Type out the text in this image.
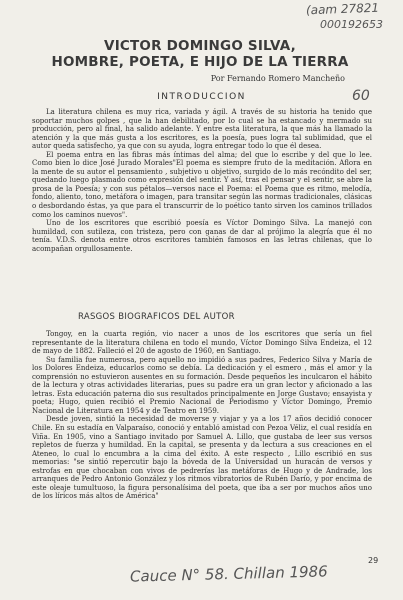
(aam 27821
000192653
60
VICTOR DOMINGO SILVA,
HOMBRE, POETA, E HIJO DE LA TIERRA
Por Fernando Romero Mancheño
INTRODUCCION

La literatura chilena es muy rica, variada y ágil. A través de su historia ha tenido que soportar muchos golpes , que la han debilitado, por lo cual se ha estancado y mermado su producción, pero al final, ha salido adelante. Y entre esta literatura, la que más ha llamado la atención y la que más gusta a los escritores, es la poesía, pues logra tal sublimidad, que el autor queda satisfecho, ya que con su ayuda, logra entregar todo lo que él desea.

El poema entra en las fibras más íntimas del alma; del que lo escribe y del que lo lee. Como bien lo dice José Jurado Morales"El poema es siempre fruto de la meditación. Aflora en la mente de su autor el pensamiento , subjetivo u objetivo, surgido de lo más recóndito del ser, quedando luego plasmado como expresión del sentir. Y así, tras el pensar y el sentir, se abre la prosa de la Poesía; y con sus pétalos—versos nace el Poema: el Poema que es ritmo, melodía, fondo, aliento, tono, metáfora o imagen, para transitar según las normas tradicionales, clásicas o desbordando éstas, ya que para el transcurrir de lo poético tanto sirven los caminos trillados como los caminos nuevos".

Uno de los escritores que escribió poesía es Víctor Domingo Silva. La manejó con humildad, con sutileza, con tristeza, pero con ganas de dar al prójimo la alegría que él no tenía. V.D.S. denota entre otros escritores también famosos en las letras chilenas, que lo acompañan orgullosamente.

RASGOS BIOGRAFICOS DEL AUTOR

Tongoy, en la cuarta región, vio nacer a unos de los escritores que sería un fiel representante de la literatura chilena en todo el mundo, Víctor Domingo Silva Endeiza, el 12 de mayo de 1882. Falleció el 20 de agosto de 1960, en Santiago.

Su familia fue numerosa, pero aquello no impidió a sus padres, Federico Silva y María de los Dolores Endeiza, educarlos como se debía. La dedicación y el esmero , más el amor y la comprensión no estuvieron ausentes en su formación. Desde pequeños les inculcaron el hábito de la lectura y otras actividades literarias, pues su padre era un gran lector y aficionado a las letras. Esta educación paterna dio sus resultados principalmente en Jorge Gustavo; ensayista y poeta; Hugo, quien recibió el Premio Nacional de Periodismo y Víctor Domingo, Premio Nacional de Literatura en 1954 y de Teatro en 1959.

Desde joven, sintió la necesidad de moverse y viajar y ya a los 17 años decidió conocer Chile. En su estadía en Valparaíso, conoció y entabló amistad con Pezoa Véliz, el cual residía en Viña. En 1905, vino a Santiago invitado por Samuel A. Lillo, que gustaba de leer sus versos repletos de fuerza y humildad. En la capital, se presenta y da lectura a sus creaciones en el Ateneo, lo cual lo encumbra a la cima del éxito. A este respecto , Lillo escribió en sus memorias: "se sintió repercutir bajo la bóveda de la Universidad un huracán de versos y estrofas en que chocaban con vivos de pedrerías las metáforas de Hugo y de Andrade, los arranques de Pedro Antonio González y los ritmos vibratorios de Rubén Darío, y por encima de este oleaje tumultuoso, la figura personalísima del poeta, que iba a ser por muchos años uno de los líricos más altos de América"

29
Cauce N° 58. Chillan 1986
